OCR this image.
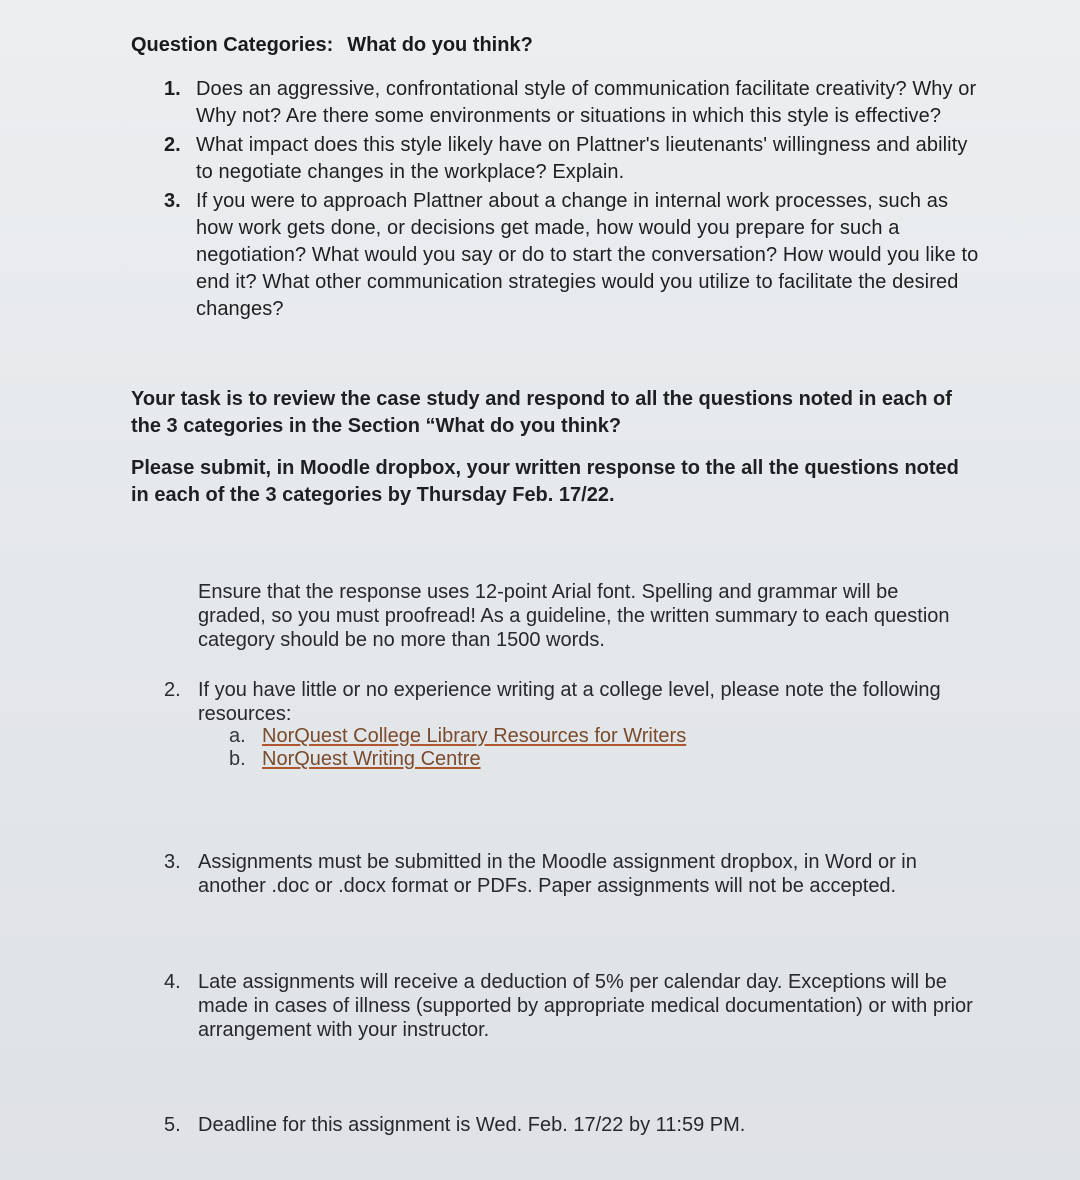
Question Categories: What do you think?
1. Does an aggressive, confrontational style of communication facilitate creativity? Why or Why not? Are there some environments or situations in which this style is effective?
2. What impact does this style likely have on Plattner's lieutenants' willingness and ability to negotiate changes in the workplace? Explain.
3. If you were to approach Plattner about a change in internal work processes, such as how work gets done, or decisions get made, how would you prepare for such a negotiation? What would you say or do to start the conversation? How would you like to end it? What other communication strategies would you utilize to facilitate the desired changes?
Your task is to review the case study and respond to all the questions noted in each of the 3 categories in the Section “What do you think?
Please submit, in Moodle dropbox, your written response to the all the questions noted in each of the 3 categories by Thursday Feb. 17/22.
Ensure that the response uses 12-point Arial font. Spelling and grammar will be graded, so you must proofread! As a guideline, the written summary to each question category should be no more than 1500 words.
2. If you have little or no experience writing at a college level, please note the following resources:
a. NorQuest College Library Resources for Writers
b. NorQuest Writing Centre
3. Assignments must be submitted in the Moodle assignment dropbox, in Word or in another .doc or .docx format or PDFs. Paper assignments will not be accepted.
4. Late assignments will receive a deduction of 5% per calendar day. Exceptions will be made in cases of illness (supported by appropriate medical documentation) or with prior arrangement with your instructor.
5. Deadline for this assignment is Wed. Feb. 17/22 by 11:59 PM.
